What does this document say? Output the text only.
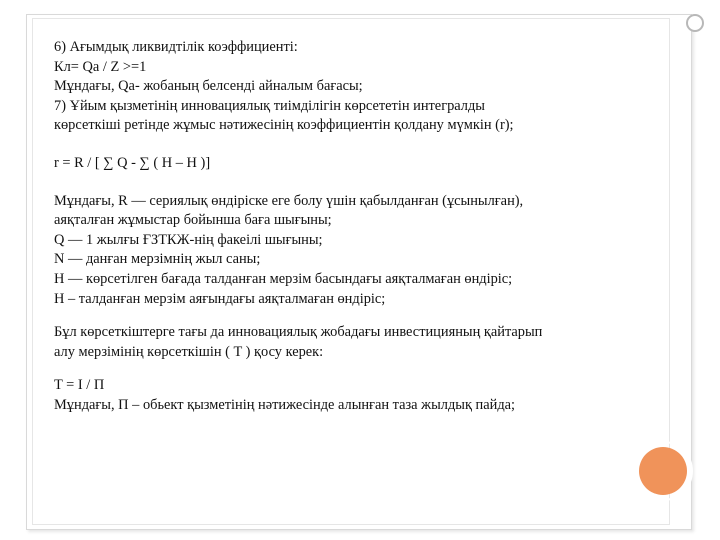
6) Ағымдық ликвидтілік коэффициенті:
Кл= Qa / Z >=1
Мұндағы, Qa- жобаның белсенді айналым бағасы;
7) Ұйым қызметінің инновациялық тиімділігін көрсететін интегралды
көрсеткіші ретінде жұмыс нәтижесінің коэффициентін қолдану мүмкін (r);
r = R / [ ∑ Q - ∑ ( H – H )]
Мұндағы, R — сериялық өндіріске еге болу үшін қабылданған (ұсынылған),
аяқталған жұмыстар бойынша баға шығыны;
Q — 1 жылғы ҒЗТКЖ-нің факеілі шығыны;
N — данған мерзімнің жыл саны;
H — көрсетілген бағада талданған мерзім басындағы аяқталмаған өндіріс;
H – талданған мерзім аяғындағы аяқталмаған өндіріс;
Бұл көрсеткіштерге тағы да инновациялық жобадағы инвестицияның қайтарып
алу мерзімінің көрсеткішін ( T ) қосу керек:
T = I / П
Мұндағы, П – обьект қызметінің нәтижесінде алынған таза жылдық пайда;
